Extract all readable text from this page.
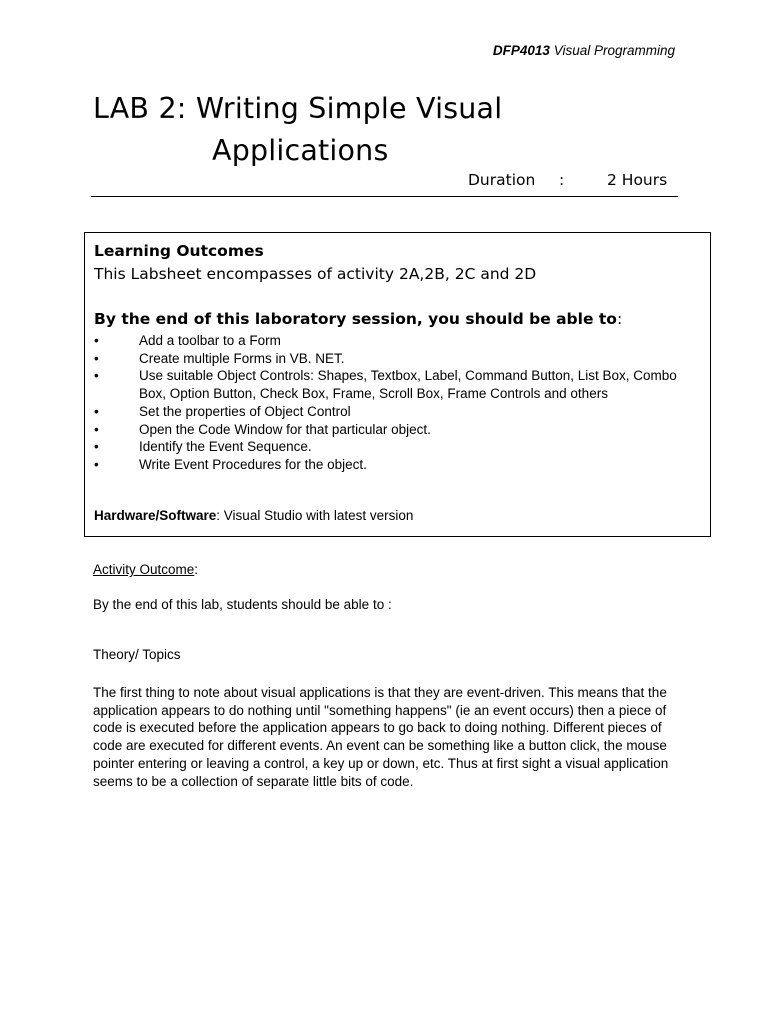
DFP4013 Visual Programming
LAB 2: Writing Simple Visual
Applications
Duration :	2 Hours
Learning Outcomes
This Labsheet encompasses of activity 2A,2B, 2C and 2D
By the end of this laboratory session, you should be able to:
•	Add a toolbar to a Form
•	Create multiple Forms in VB. NET.
•	Use suitable Object Controls: Shapes, Textbox, Label, Command Button, List Box, Combo Box, Option Button, Check Box, Frame, Scroll Box, Frame Controls and others
•	Set the properties of Object Control
•	Open the Code Window for that particular object.
•	Identify the Event Sequence.
•	Write Event Procedures for the object.
Hardware/Software: Visual Studio with latest version
Activity Outcome:
By the end of this lab, students should be able to :
Theory/ Topics
The first thing to note about visual applications is that they are event-driven. This means that the application appears to do nothing until "something happens" (ie an event occurs) then a piece of code is executed before the application appears to go back to doing nothing. Different pieces of code are executed for different events. An event can be something like a button click, the mouse pointer entering or leaving a control, a key up or down, etc. Thus at first sight a visual application seems to be a collection of separate little bits of code.
